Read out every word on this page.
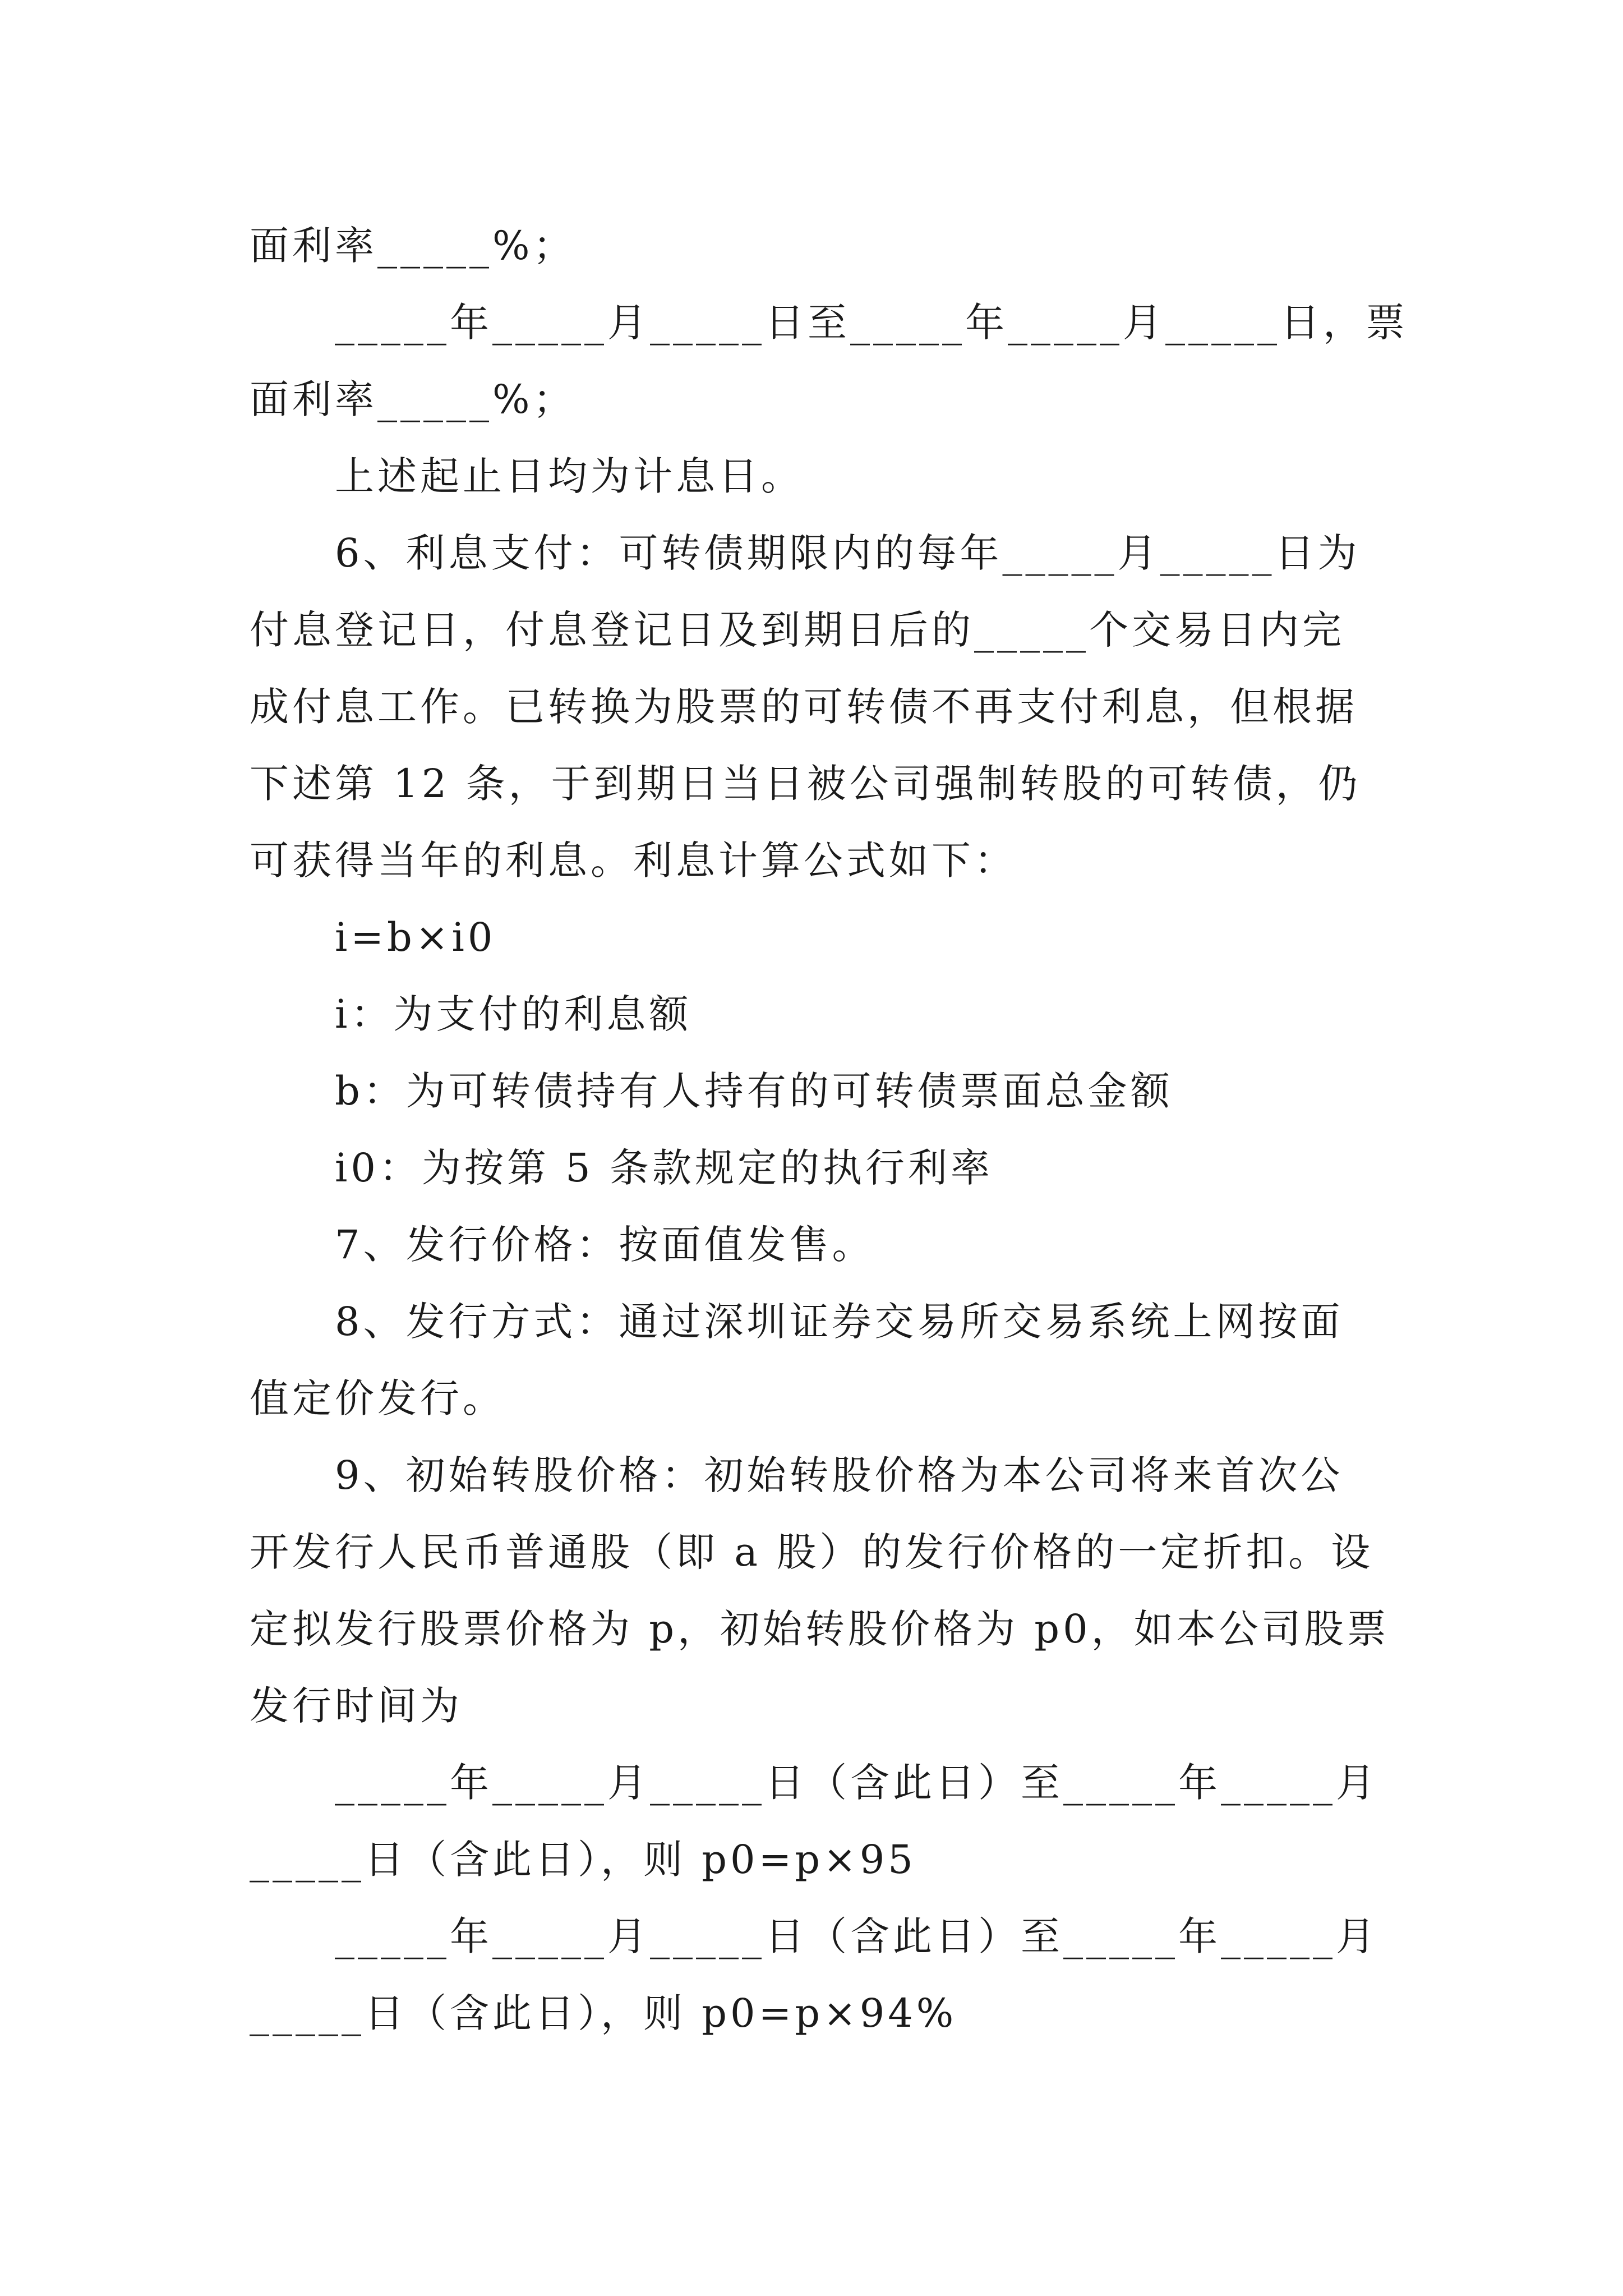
面利率_____%；
_____年_____月_____日至_____年_____月_____日，票
面利率_____%；
上述起止日均为计息日。
6、利息支付：可转债期限内的每年_____月_____日为
付息登记日，付息登记日及到期日后的_____个交易日内完
成付息工作。已转换为股票的可转债不再支付利息，但根据
下述第 12 条，于到期日当日被公司强制转股的可转债，仍
可获得当年的利息。利息计算公式如下：
i=b×i0
i：为支付的利息额
b：为可转债持有人持有的可转债票面总金额
i0：为按第 5 条款规定的执行利率
7、发行价格：按面值发售。
8、发行方式：通过深圳证券交易所交易系统上网按面
值定价发行。
9、初始转股价格：初始转股价格为本公司将来首次公
开发行人民币普通股（即 a 股）的发行价格的一定折扣。设
定拟发行股票价格为 p，初始转股价格为 p0，如本公司股票
发行时间为
_____年_____月_____日（含此日）至_____年_____月
_____日（含此日），则 p0=p×95
_____年_____月_____日（含此日）至_____年_____月
_____日（含此日），则 p0=p×94%
